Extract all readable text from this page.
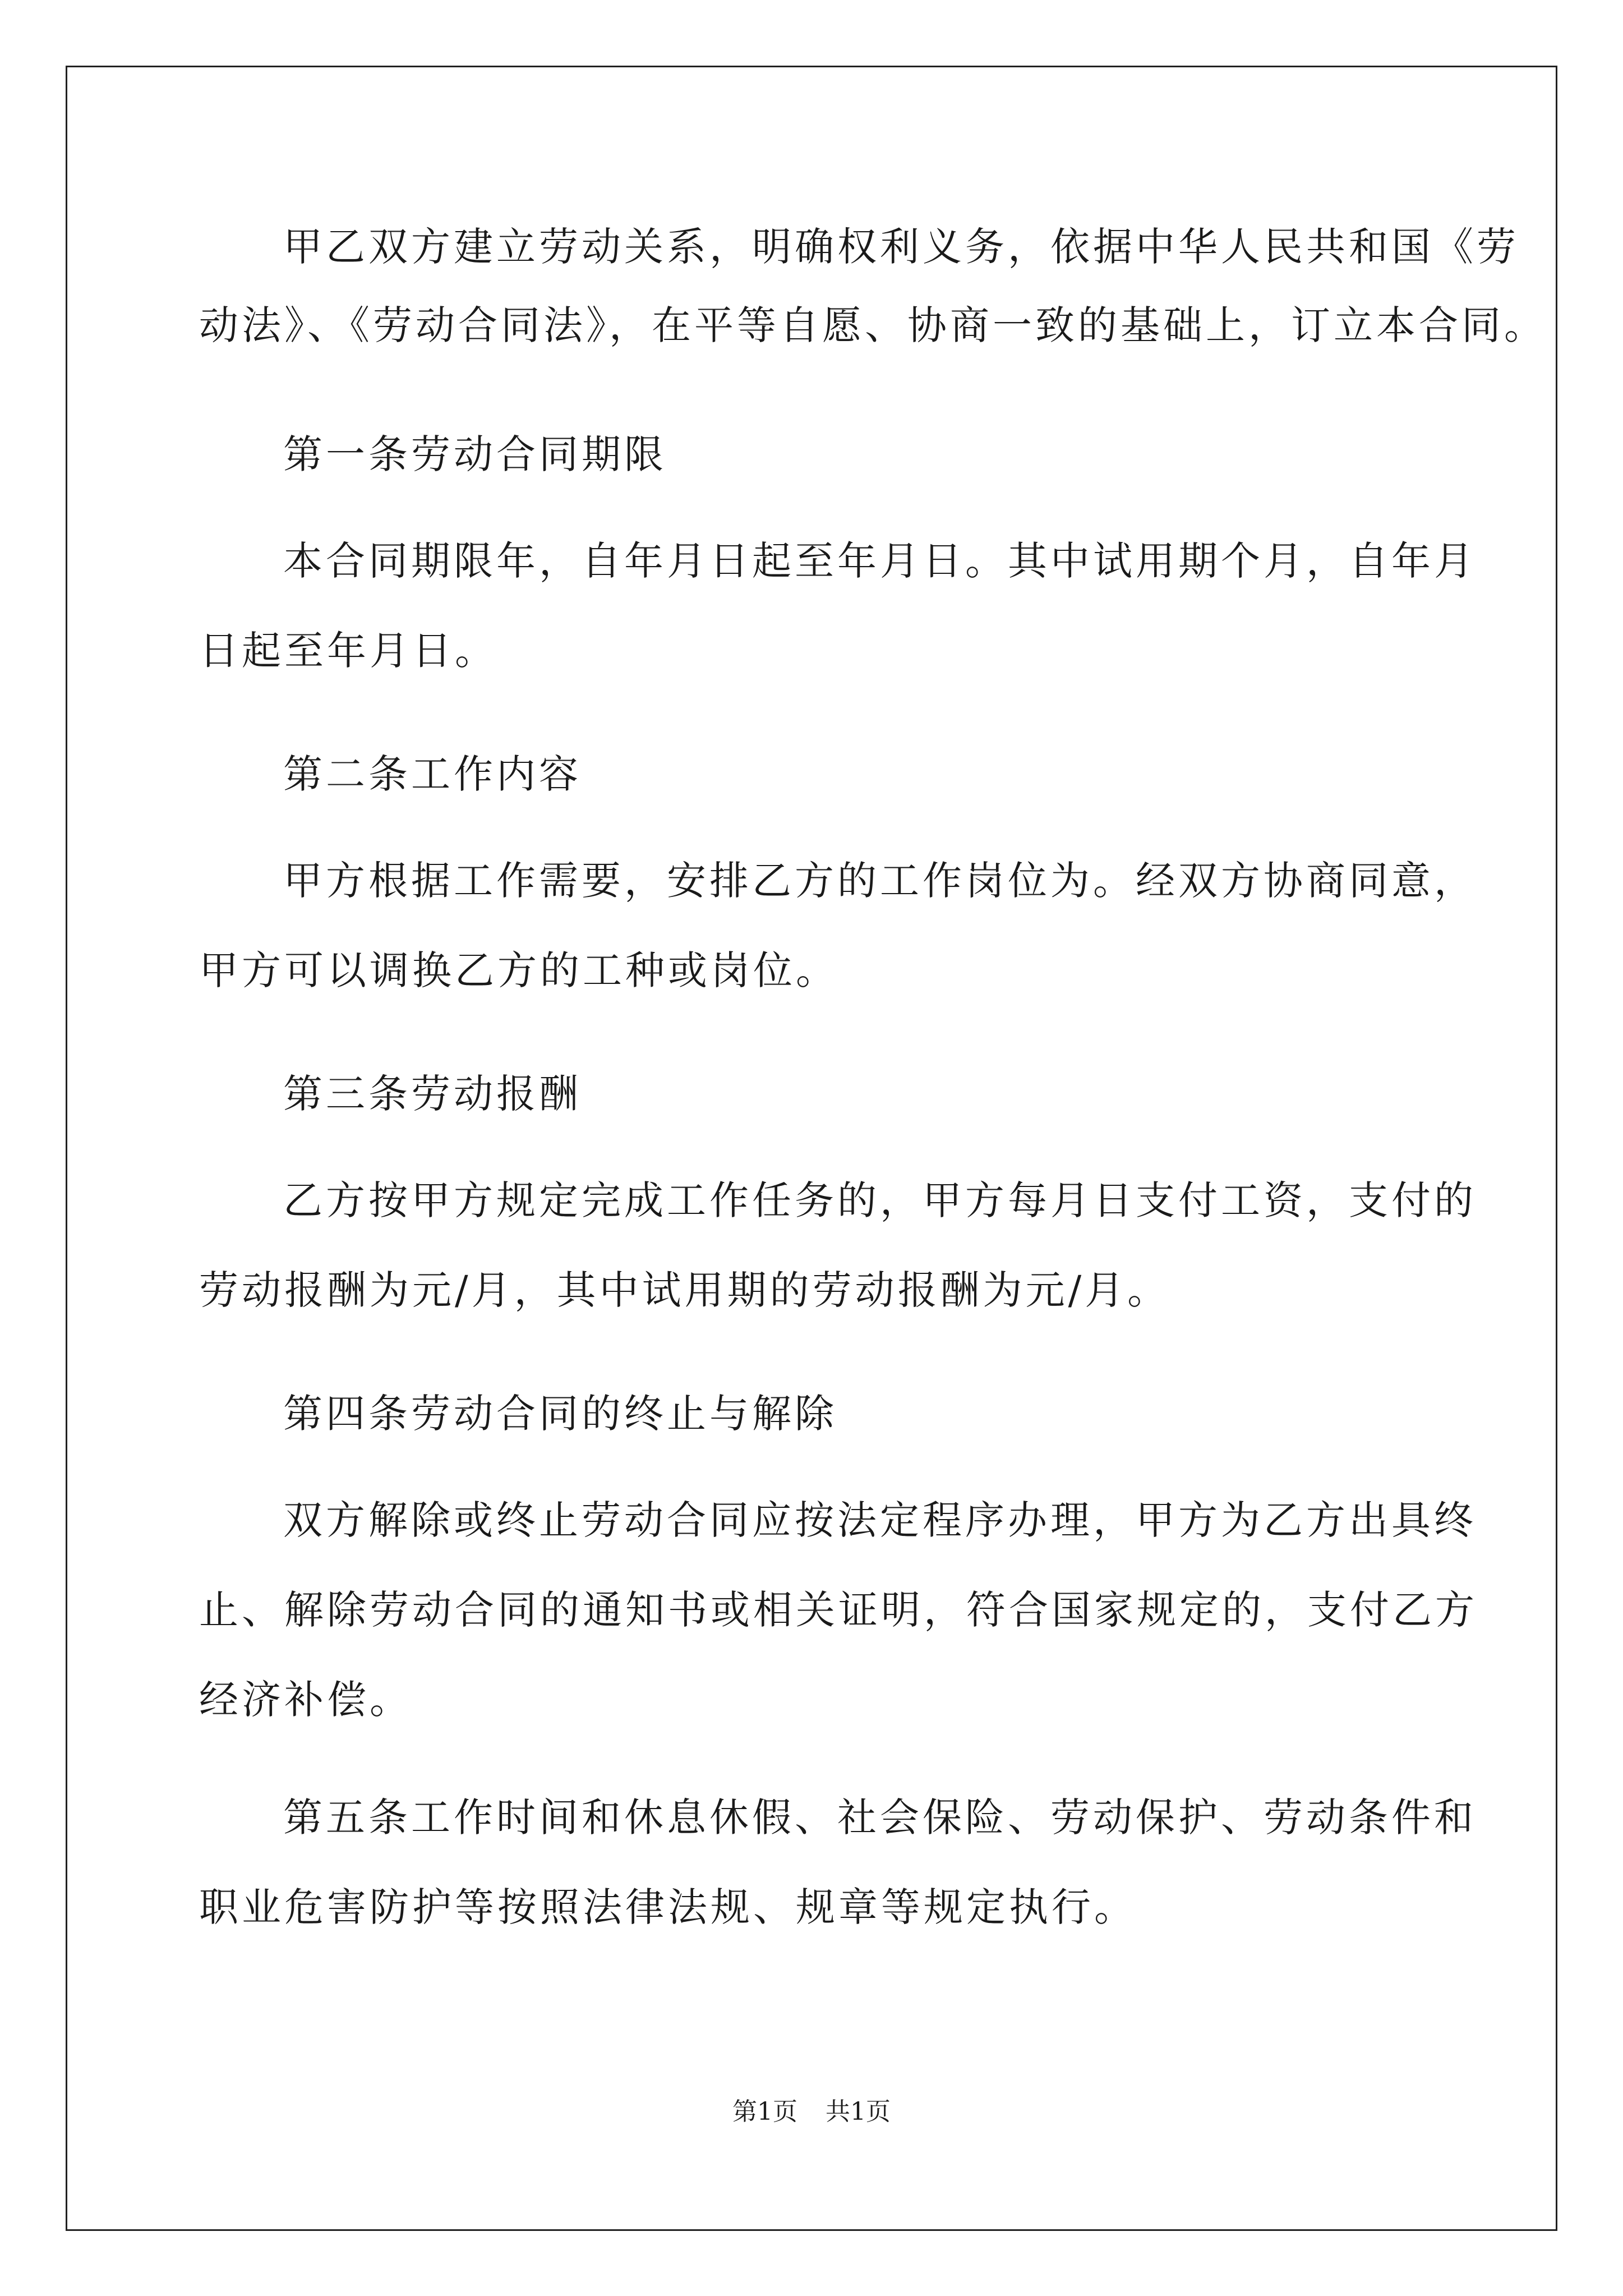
甲乙双方建立劳动关系，明确权利义务，依据中华人民共和国《劳
动法》、《劳动合同法》，在平等自愿、协商一致的基础上，订立本合同。
第一条劳动合同期限
本合同期限年，自年月日起至年月日。其中试用期个月，自年月
日起至年月日。
第二条工作内容
甲方根据工作需要，安排乙方的工作岗位为。经双方协商同意，
甲方可以调换乙方的工种或岗位。
第三条劳动报酬
乙方按甲方规定完成工作任务的，甲方每月日支付工资，支付的
劳动报酬为元/月，其中试用期的劳动报酬为元/月。
第四条劳动合同的终止与解除
双方解除或终止劳动合同应按法定程序办理，甲方为乙方出具终
止、解除劳动合同的通知书或相关证明，符合国家规定的，支付乙方
经济补偿。
第五条工作时间和休息休假、社会保险、劳动保护、劳动条件和
职业危害防护等按照法律法规、规章等规定执行。
第1页 共1页
